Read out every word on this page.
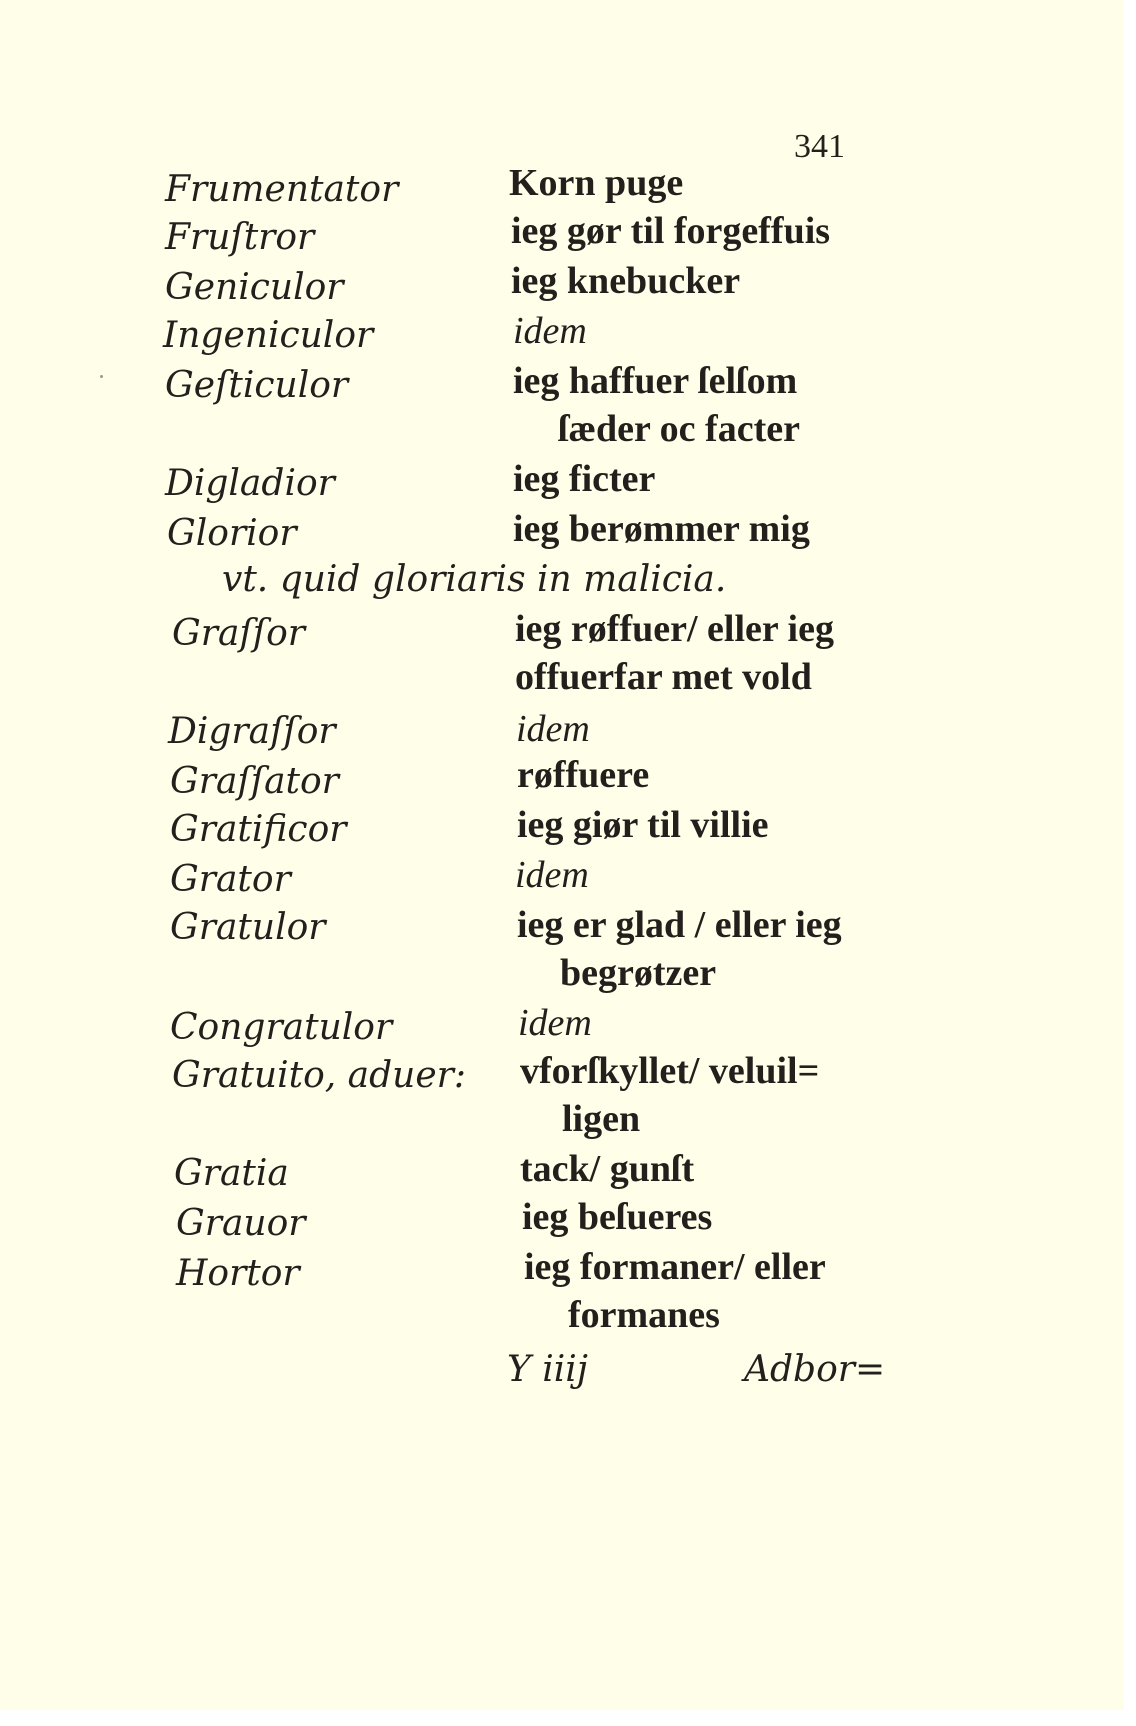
341
Frumentator	Korn puge
Fruſtror	ieg gør til forgeffuis
Geniculor	ieg knebucker
Ingeniculor	idem
Geſticulor	ieg haffuer ſelſom
ſæder oc facter
Digladior	ieg ficter
Glorior	ieg berømmer mig
vt. quid gloriaris in malicia.
Graſſor	ieg røffuer/ eller ieg
offuerfar met vold
Digraſſor	idem
Graſſator	røffuere
Gratificor	ieg giør til villie
Grator	idem
Gratulor	ieg er glad / eller ieg
begrøtzer
Congratulor	idem
Gratuito, aduer: vforſkyllet/ veluil=
ligen
Gratia	tack/ gunſt
Grauor	ieg beſueres
Hortor	ieg formaner/ eller
formanes
Y iiij	Adbor=
